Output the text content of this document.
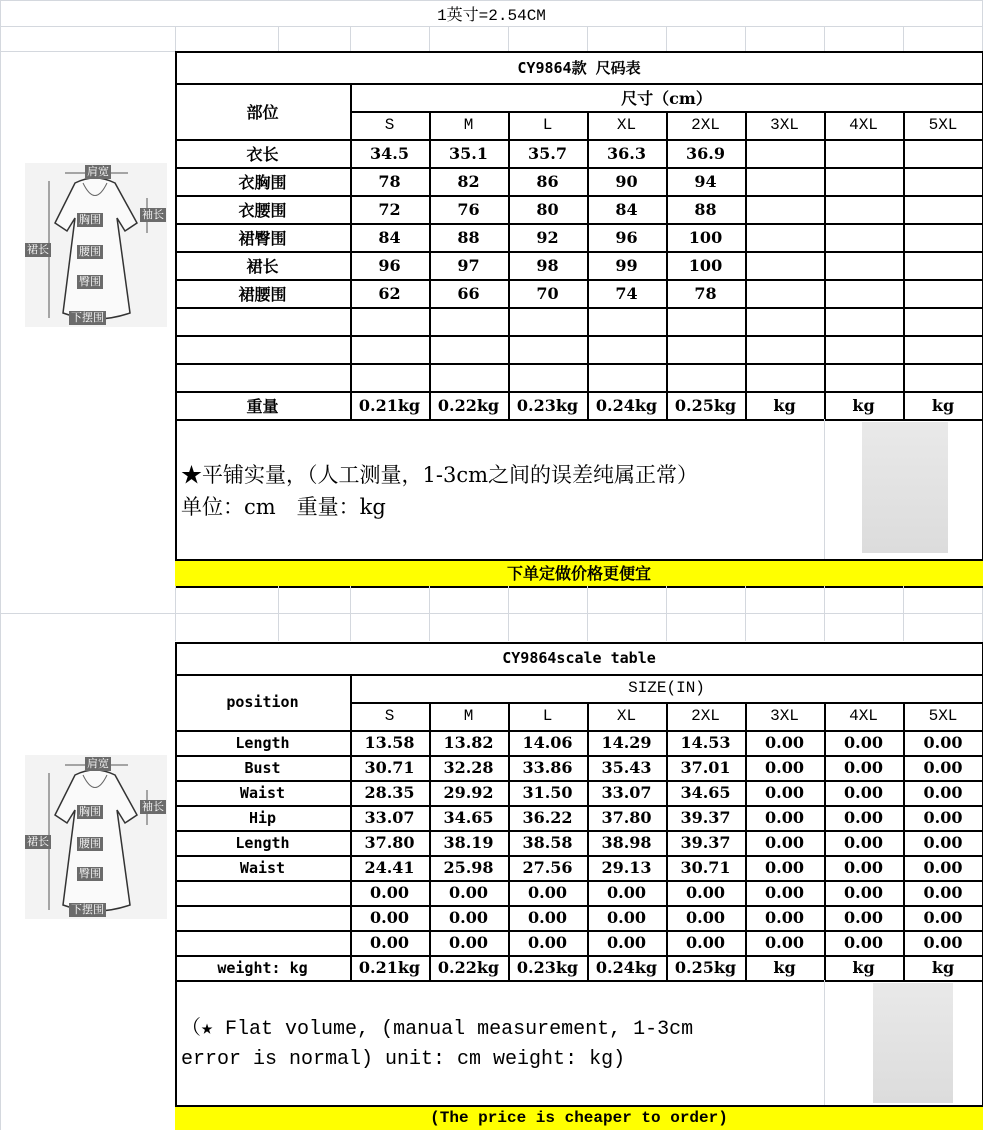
1英寸=2.54CM
肩宽
袖长
胸围
裙长	腰围
臀围
下摆围
CY9864款 尺码表
部位
尺寸（cm）
S	M	L	XL	2XL	3XL	4XL	5XL
衣长	34.5	35.1	35.7	36.3	36.9
衣胸围	78	82	86	90	94
衣腰围	72	76	80	84	88
裙臀围	84	88	92	96	100
裙长	96	97	98	99	100
裙腰围	62	66	70	74	78
重量	0.21kg	0.22kg	0.23kg	0.24kg	0.25kg	kg	kg	kg
★平铺实量，（人工测量，1-3cm之间的误差纯属正常）
单位：cm　重量：kg
下单定做价格更便宜
肩宽
袖长
胸围
裙长	腰围
臀围
下摆围
CY9864scale table
position
SIZE(IN)
S	M	L	XL	2XL	3XL	4XL	5XL
Length	13.58	13.82	14.06	14.29	14.53	0.00	0.00	0.00
Bust	30.71	32.28	33.86	35.43	37.01	0.00	0.00	0.00
Waist	28.35	29.92	31.50	33.07	34.65	0.00	0.00	0.00
Hip	33.07	34.65	36.22	37.80	39.37	0.00	0.00	0.00
Length	37.80	38.19	38.58	38.98	39.37	0.00	0.00	0.00
Waist	24.41	25.98	27.56	29.13	30.71	0.00	0.00	0.00
0.00	0.00	0.00	0.00	0.00	0.00	0.00	0.00
0.00	0.00	0.00	0.00	0.00	0.00	0.00	0.00
0.00	0.00	0.00	0.00	0.00	0.00	0.00	0.00
weight: kg	0.21kg	0.22kg	0.23kg	0.24kg	0.25kg	kg	kg	kg
（★ Flat volume, (manual measurement, 1-3cm
error is normal) unit: cm weight: kg)
(The price is cheaper to order)
